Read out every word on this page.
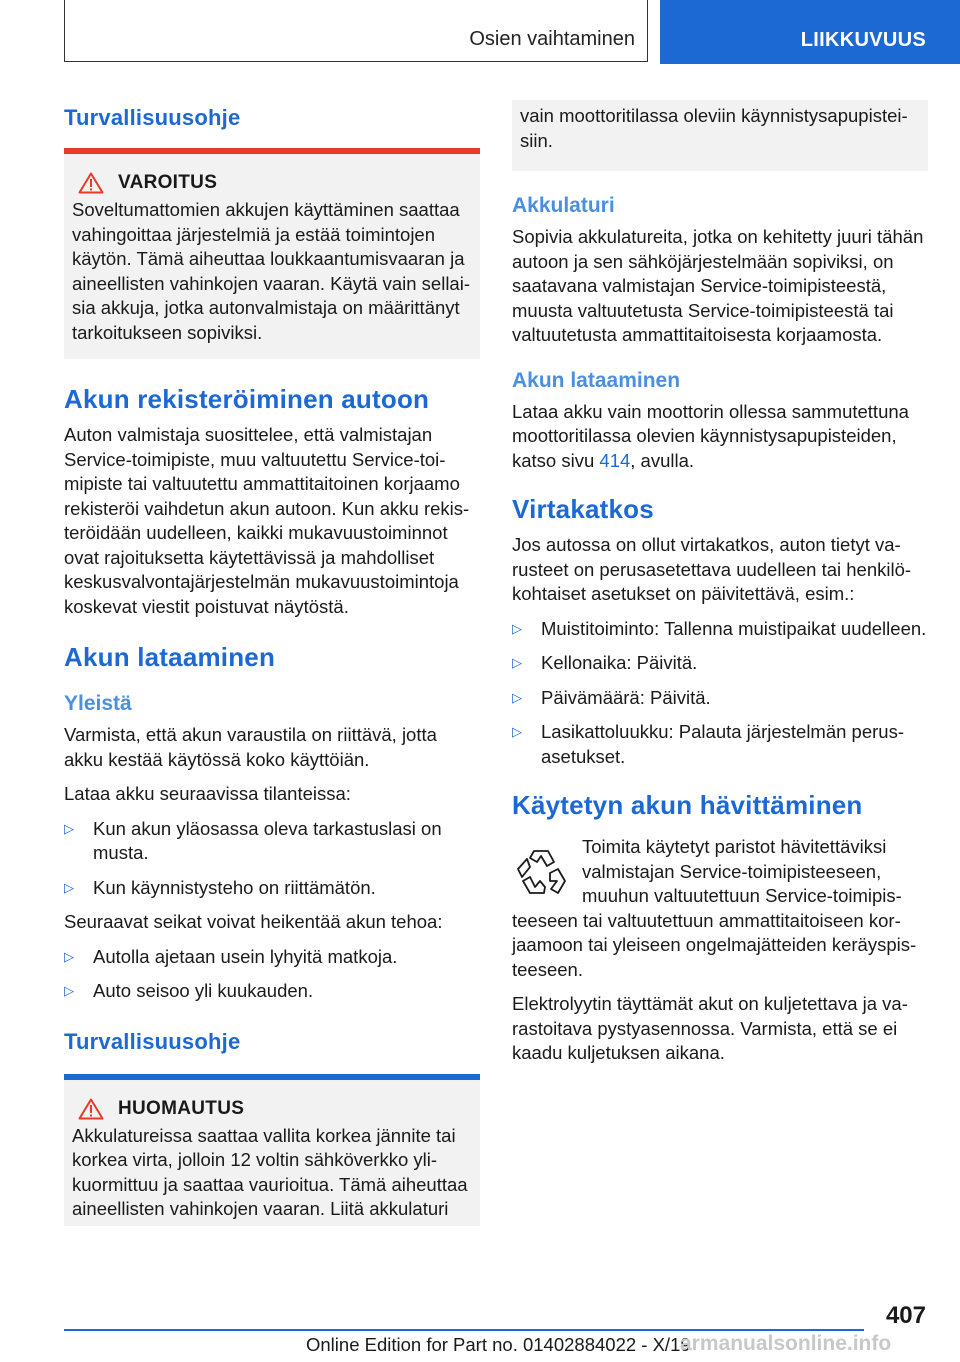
Osien vaihtaminen	LIIKKUVUUS
Turvallisuusohje
VAROITUS

Soveltumattomien akkujen käyttäminen saattaa vahingoittaa järjestelmiä ja estää toimintojen käytön. Tämä aiheuttaa loukkaantumisvaaran ja aineellisten vahinkojen vaaran. Käytä vain sellaisia akkuja, jotka autonvalmistaja on määrittänyt tarkoitukseen sopiviksi.

Akun rekisteröiminen autoon

Auton valmistaja suosittelee, että valmistajan Service-toimipiste, muu valtuutettu Service-toimipiste tai valtuutettu ammattitaitoinen korjaamo rekisteröi vaihdetun akun autoon. Kun akku rekisteröidään uudelleen, kaikki mukavuustoiminnot ovat rajoituksetta käytettävissä ja mahdolliset keskusvalvontajärjestelmän mukavuustoimintoja koskevat viestit poistuvat näytöstä.

Akun lataaminen
Yleistä

Varmista, että akun varaustila on riittävä, jotta akku kestää käytössä koko käyttöiän.

Lataa akku seuraavissa tilanteissa:

▷ Kun akun yläosassa oleva tarkastuslasi on musta.
▷ Kun käynnistysteho on riittämätön.

Seuraavat seikat voivat heikentää akun tehoa:

▷ Autolla ajetaan usein lyhyitä matkoja.
▷ Auto seisoo yli kuukauden.
Turvallisuusohje
HUOMAUTUS

Akkulatureissa saattaa vallita korkea jännite tai korkea virta, jolloin 12 voltin sähköverkko ylikuormittuu ja saattaa vaurioitua. Tämä aiheuttaa aineellisten vahinkojen vaaran. Liitä akkulaturi

vain moottoritilassa oleviin käynnistysapupisteisiin.

Akkulaturi

Sopivia akkulatureita, jotka on kehitetty juuri tähän autoon ja sen sähköjärjestelmään sopiviksi, on saatavana valmistajan Service-toimipisteestä, muusta valtuutetusta Service-toimipisteestä tai valtuutetusta ammattitaitoisesta korjaamosta.

Akun lataaminen

Lataa akku vain moottorin ollessa sammutettuna moottoritilassa olevien käynnistysapupisteiden, katso sivu 414, avulla.

Virtakatkos

Jos autossa on ollut virtakatkos, auton tietyt varusteet on perusasetettava uudelleen tai henkilökohtaiset asetukset on päivitettävä, esim.:

▷ Muistitoiminto: Tallenna muistipaikat uudelleen.
▷ Kellonaika: Päivitä.
▷ Päivämäärä: Päivitä.
▷ Lasikattoluukku: Palauta järjestelmän perusasetukset.
Käytetyn akun hävittäminen

Toimita käytetyt paristot hävitettäviksi valmistajan Service-toimipisteeseen, muuhun valtuutettuun Service-toimipisteeseen tai valtuutettuun ammattitaitoiseen korjaamoon tai yleiseen ongelmajätteiden keräyspisteeseen.

Elektrolyytin täyttämät akut on kuljetettava ja varastoitava pystyasennossa. Varmista, että se ei kaadu kuljetuksen aikana.

407
Online Edition for Part no. 01402884022 - X/19
armanualsonline.info
